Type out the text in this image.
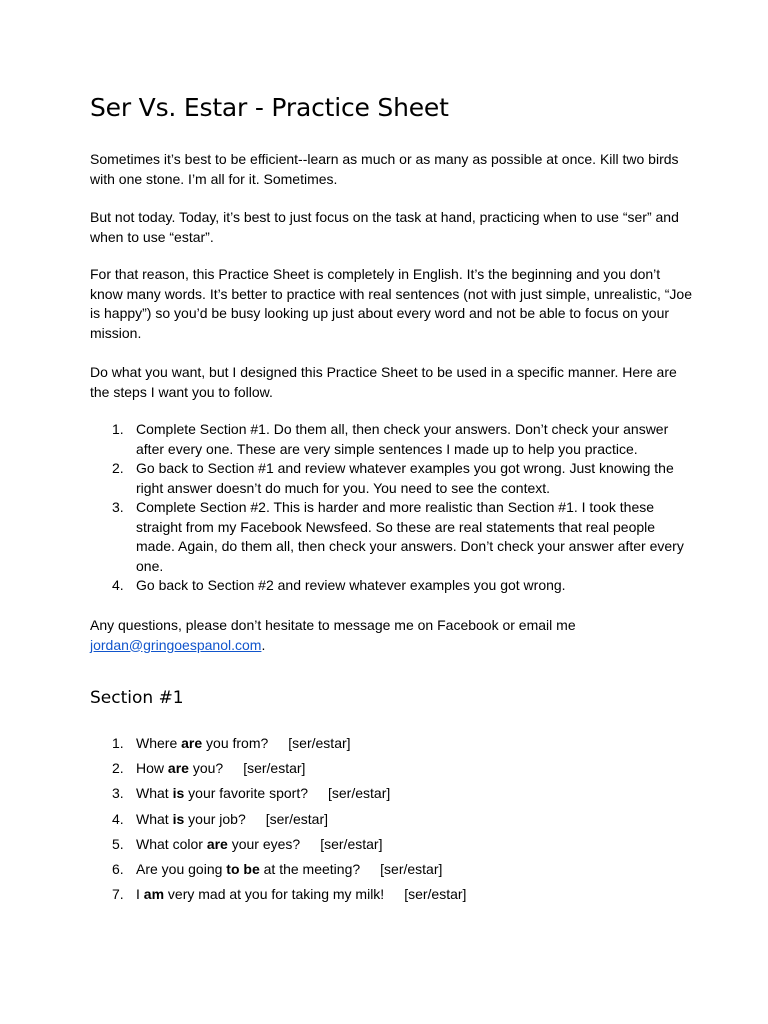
Ser Vs. Estar - Practice Sheet

Sometimes it’s best to be efficient--learn as much or as many as possible at once. Kill two birds with one stone. I’m all for it. Sometimes.

But not today. Today, it’s best to just focus on the task at hand, practicing when to use “ser” and when to use “estar”.

For that reason, this Practice Sheet is completely in English. It’s the beginning and you don’t know many words. It’s better to practice with real sentences (not with just simple, unrealistic, “Joe is happy”) so you’d be busy looking up just about every word and not be able to focus on your mission.

Do what you want, but I designed this Practice Sheet to be used in a specific manner. Here are the steps I want you to follow.

1. Complete Section #1. Do them all, then check your answers. Don’t check your answer after every one. These are very simple sentences I made up to help you practice.
2. Go back to Section #1 and review whatever examples you got wrong. Just knowing the right answer doesn’t do much for you. You need to see the context.
3. Complete Section #2. This is harder and more realistic than Section #1. I took these straight from my Facebook Newsfeed. So these are real statements that real people made. Again, do them all, then check your answers. Don’t check your answer after every one.
4. Go back to Section #2 and review whatever examples you got wrong.

Any questions, please don’t hesitate to message me on Facebook or email me
jordan@gringoespanol.com.

Section #1
1. Where are you from? [ser/estar]
2. How are you? [ser/estar]
3. What is your favorite sport? [ser/estar]
4. What is your job? [ser/estar]
5. What color are your eyes? [ser/estar]
6. Are you going to be at the meeting? [ser/estar]
7. I am very mad at you for taking my milk! [ser/estar]
